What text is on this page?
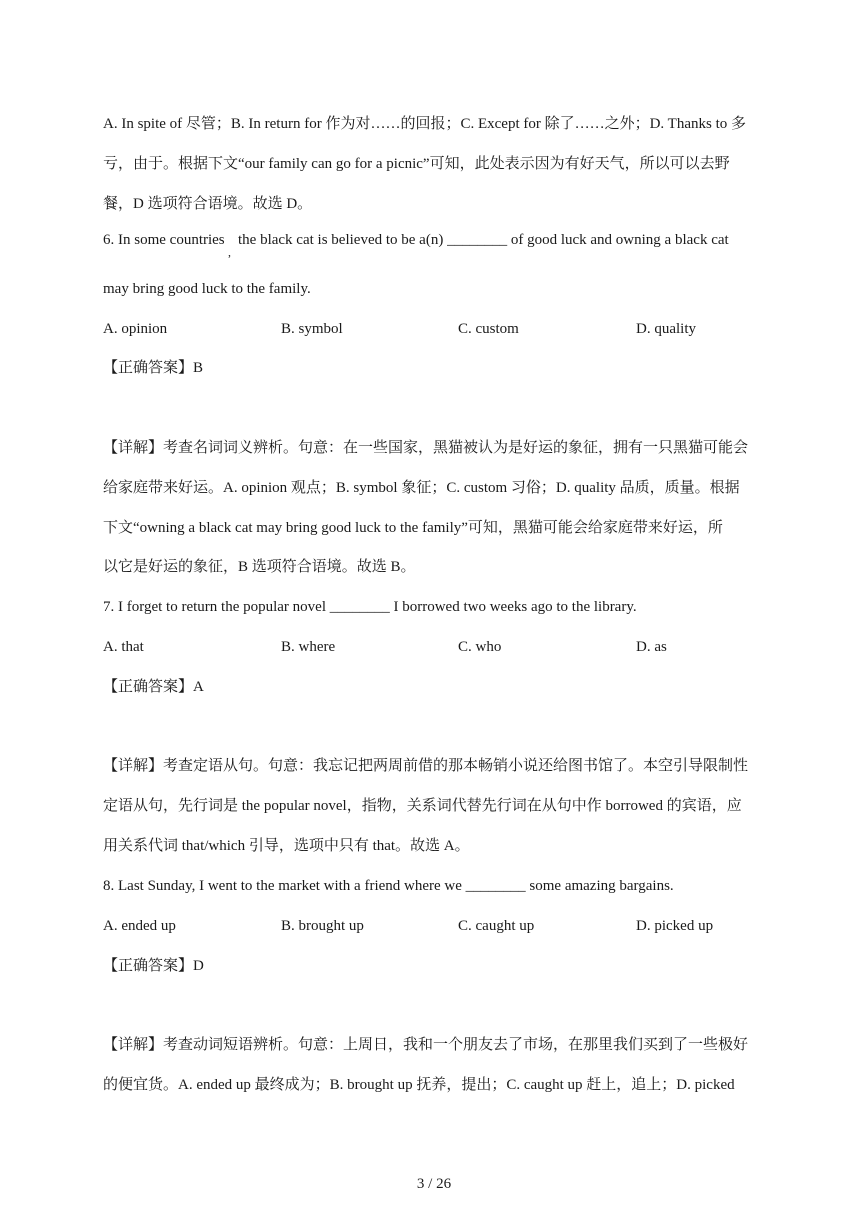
A. In spite of 尽管；B. In return for 作为对……的回报；C. Except for 除了……之外；D. Thanks to 多
亏，由于。根据下文“our family can go for a picnic”可知，此处表示因为有好天气，所以可以去野
餐，D 选项符合语境。故选 D。
6. In some countries
,
the black cat is believed to be a(n) ________ of good luck and owning a black cat
may bring good luck to the family.
A. opinion	B. symbol	C. custom	D. quality
【正确答案】B
【详解】考查名词词义辨析。句意：在一些国家，黑猫被认为是好运的象征，拥有一只黑猫可能会
给家庭带来好运。A. opinion 观点；B. symbol 象征；C. custom 习俗；D. quality 品质，质量。根据
下文“owning a black cat may bring good luck to the family”可知，黑猫可能会给家庭带来好运，所
以它是好运的象征，B 选项符合语境。故选 B。
7. I forget to return the popular novel ________ I borrowed two weeks ago to the library.
A. that	B. where	C. who	D. as
【正确答案】A
【详解】考查定语从句。句意：我忘记把两周前借的那本畅销小说还给图书馆了。本空引导限制性
定语从句，先行词是 the popular novel，指物，关系词代替先行词在从句中作 borrowed 的宾语，应
用关系代词 that/which 引导，选项中只有 that。故选 A。
8. Last Sunday, I went to the market with a friend where we ________ some amazing bargains.
A. ended up	B. brought up	C. caught up	D. picked up
【正确答案】D
【详解】考查动词短语辨析。句意：上周日，我和一个朋友去了市场，在那里我们买到了一些极好
的便宜货。A. ended up 最终成为；B. brought up 抚养，提出；C. caught up 赶上，追上；D. picked
3 / 26
